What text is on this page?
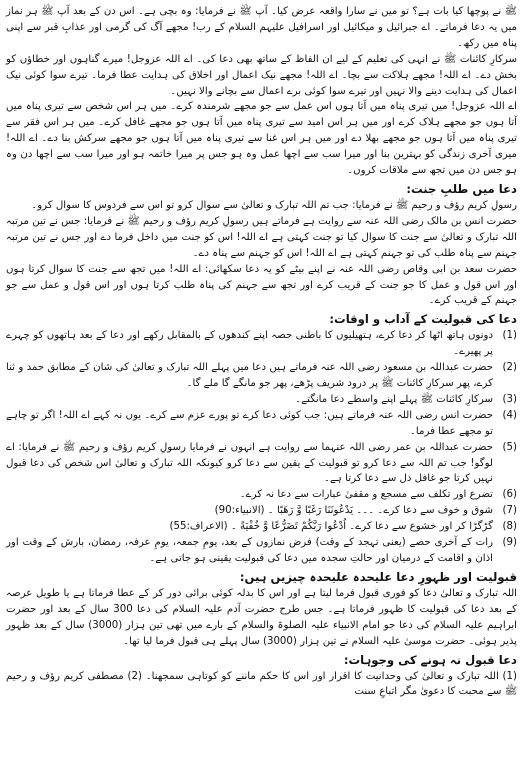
ﷺ نے پوچھا کیا بات ہے؟ تو میں نے سارا واقعہ عرض کیا۔ آپ ﷺ نے فرمایا: وہ بچی ہے۔ اس دن کے بعد آپ ﷺ ہر نماز میں یہ دعا فرماتے۔ اے جبرائیل و میکائیل اور اسرافیل علیہم السلام کے رب! مجھے آگ کی گرمی اور عذابِ قبر سے اپنی پناہ میں رکھ۔

سرکارِ کائنات ﷺ نے انہی کی تعلیم کے لیے ان الفاظ کے ساتھ بھی دعا کی۔ اے اللہ عزوجل! میرے گناہوں اور خطاؤں کو بخش دے۔ اے اللہ! مجھے ہلاکت سے بچا۔ اے اللہ! مجھے نیک اعمال اور اخلاق کی ہدایت عطا فرما۔ تیرے سوا کوئی نیک اعمال کی ہدایت دینے والا نہیں اور تیرے سوا کوئی برے اعمال سے بچانے والا نہیں۔

اے اللہ عزوجل! میں تیری پناہ میں آتا ہوں اس عمل سے جو مجھے شرمندہ کرے۔ میں ہر اس شخص سے تیری پناہ میں آتا ہوں جو مجھے ہلاک کرے اور میں ہر اس امید سے تیری پناہ میں آتا ہوں جو مجھے غافل کرے۔ میں ہر اس فقر سے تیری پناہ میں آتا ہوں جو مجھے بھلا دے اور میں ہر اس غنا سے تیری پناہ میں آتا ہوں جو مجھے سرکش بنا دے۔ اے اللہ! میری آخری زندگی کو بہترین بنا اور میرا سب سے اچھا عمل وہ ہو جس پر میرا خاتمہ ہو اور میرا سب سے اچھا دن وہ ہو جس دن میں تجھ سے ملاقات کروں۔

دعا میں طلبِ جنت:

رسولِ کریم رؤف و رحیم ﷺ نے فرمایا: جب تم اللہ تبارک و تعالیٰ سے سوال کرو تو اس سے فردوس کا سوال کرو۔

حضرت انس بن مالک رضی اللہ عنہ سے روایت ہے فرماتے ہیں رسولِ کریم رؤف و رحیم ﷺ نے فرمایا: جس نے تین مرتبہ اللہ تبارک و تعالیٰ سے جنت کا سوال کیا تو جنت کہتی ہے اے اللہ! اس کو جنت میں داخل فرما دے اور جس نے تین مرتبہ جہنم سے پناہ طلب کی تو جہنم کہتی ہے اے اللہ! اس کو جہنم سے پناہ دے۔

حضرت سعد بن ابی وقاص رضی اللہ عنہ نے اپنے بیٹے کو یہ دعا سکھائی: اے اللہ! میں تجھ سے جنت کا سوال کرتا ہوں اور اس قول و عمل کا جو جنت کے قریب کرے اور تجھ سے جہنم کی پناہ طلب کرتا ہوں اور اس قول و عمل سے جو جہنم کے قریب کرے۔

دعا کی قبولیت کے آداب و اوقات:
(1)
دونوں ہاتھ اٹھا کر دعا کرے، ہتھیلیوں کا باطنی حصہ اپنے کندھوں کے بالمقابل رکھے اور دعا کے بعد ہاتھوں کو چہرے پر پھیرے۔
(2)
حضرت عبداللہ بن مسعود رضی اللہ عنہ فرماتے ہیں دعا میں پہلے اللہ تبارک و تعالیٰ کی شان کے مطابق حمد و ثنا کرے، پھر سرکارِ کائنات ﷺ پر درود شریف پڑھے، پھر جو مانگے گا ملے گا۔
(3)
سرکارِ کائنات ﷺ پہلے اپنے واسطے دعا مانگتے۔
(4)
حضرت انس رضی اللہ عنہ فرماتے ہیں: جب کوئی دعا کرے تو پورے عزم سے کرے۔ یوں نہ کہے اے اللہ! اگر تو چاہے تو مجھے عطا فرما۔
(5)
حضرت عبداللہ بن عمر رضی اللہ عنہما سے روایت ہے انہوں نے فرمایا رسولِ کریم رؤف و رحیم ﷺ نے فرمایا: اے لوگو! جب تم اللہ سے دعا کرو تو قبولیت کے یقین سے دعا کرو کیونکہ اللہ تبارک و تعالیٰ اس شخص کی دعا قبول نہیں کرتا جو غافل دل سے دعا کرتا ہے۔
(6)
تضرع اور تکلف سے مسجع و مقفیٰ عبارات سے دعا نہ کرے۔
(7)
شوق و خوف سے دعا کرے۔ ۔۔۔ يَدْعُونَنَا رَغَبًا وَّ رَهَبًا ۔ (الانبیاء:90)
(8)
گڑگڑا کر اور خشوع سے دعا کرے۔ اُدْعُوا رَبَّكُمْ تَضَرُّعًا وَّ خُفْيَةً ۔ (الاعراف:55)
(9)
رات کے آخری حصے (یعنی تہجد کے وقت) فرض نمازوں کے بعد، یومِ جمعہ، یومِ عرفہ، رمضان، بارش کے وقت اور اذان و اقامت کے درمیان اور حالتِ سجدہ میں دعا کی قبولیت یقینی ہو جاتی ہے۔
قبولیت اور ظہورِ دعا علیحدہ علیحدہ چیزیں ہیں:

اللہ تبارک و تعالیٰ دعا کو فوری قبول فرما لیتا ہے اور اس کا بدلہ کوئی برائی دور کر کے عطا فرماتا ہے یا طویل عرصہ کے بعد دعا کی قبولیت کا ظہور فرماتا ہے۔ جس طرح حضرت آدم علیہ السلام کی دعا 300 سال کے بعد اور حضرت ابراہیم علیہ السلام کی دعا جو امام الانبیاء علیہ الصلوۃ والسلام کے بارے میں تھی تین ہزار (3000) سال کے بعد ظہور پذیر ہوئی۔ حضرت موسیٰ علیہ السلام نے تین ہزار (3000) سال پہلے ہی قبول فرما لیا تھا۔

دعا قبول نہ ہونے کی وجوہات:

(1) اللہ تبارک و تعالیٰ کی وحدانیت کا اقرار اور اس کا حکم ماننے کو کوتاہی سمجھنا۔ (2) مصطفی کریم رؤف و رحیم ﷺ سے محبت کا دعویٰ مگر اتباعِ سنت
